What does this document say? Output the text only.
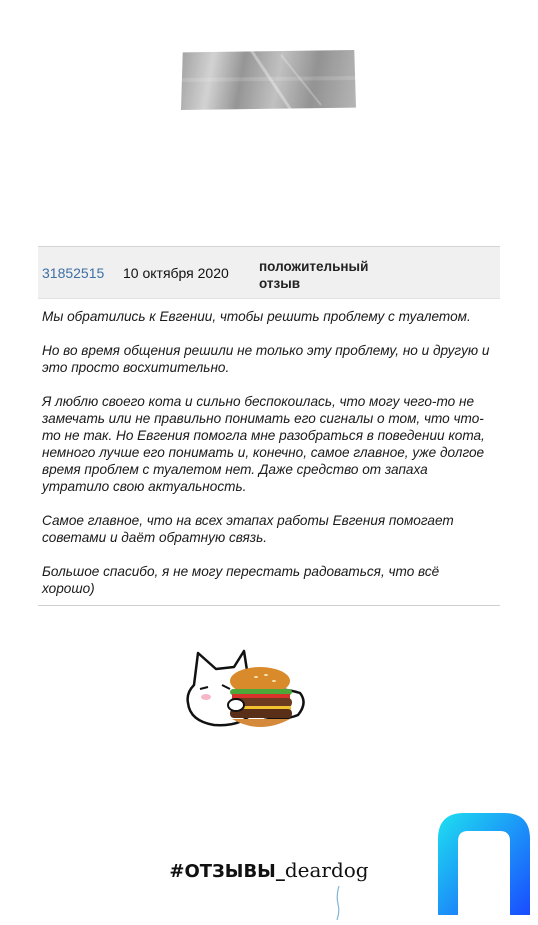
31852515 10 октября 2020 положительный
отзыв

Мы обратились к Евгении, чтобы решить проблему с туалетом.

Но во время общения решили не только эту проблему, но и другую и это просто восхитительно.

Я люблю своего кота и сильно беспокоилась, что могу чего-то не замечать или не правильно понимать его сигналы о том, что что-то не так. Но Евгения помогла мне разобраться в поведении кота, немного лучше его понимать и, конечно, самое главное, уже долгое время проблем с туалетом нет. Даже средство от запаха утратило свою актуальность.

Самое главное, что на всех этапах работы Евгения помогает советами и даёт обратную связь.

Большое спасибо, я не могу перестать радоваться, что всё хорошо)

#ОТЗЫВЫ_deardog
